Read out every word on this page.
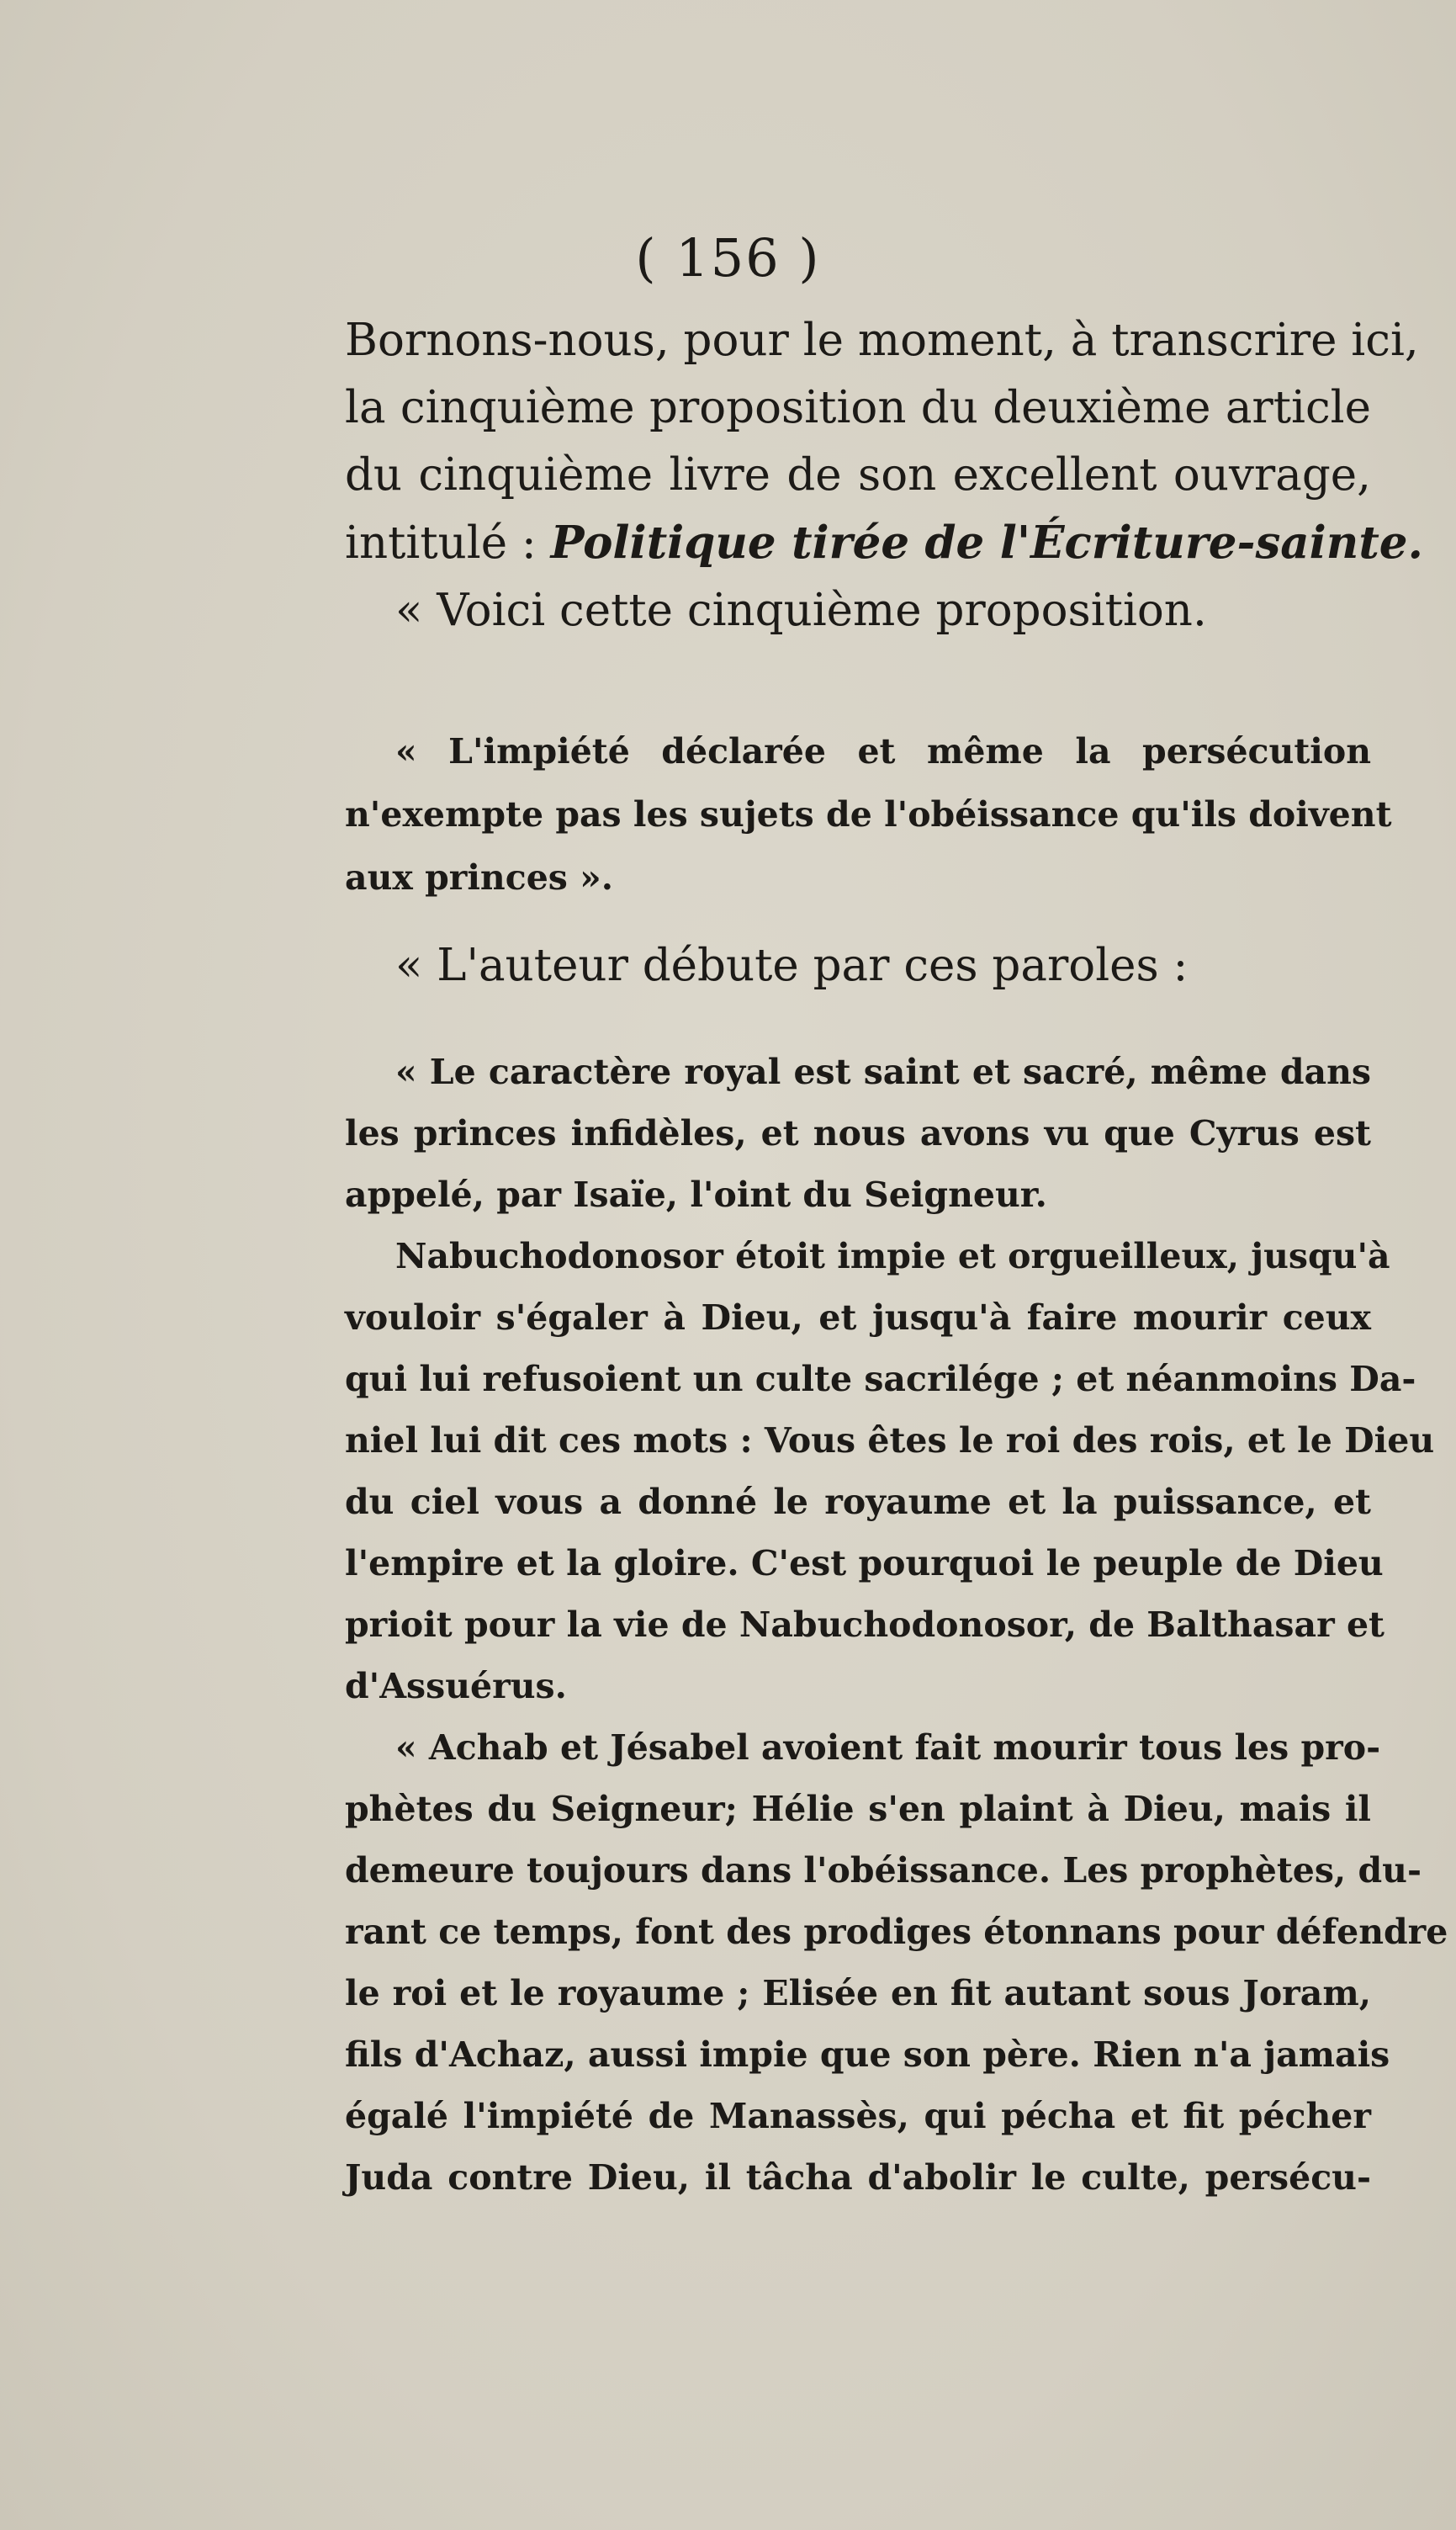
( 156 )
Bornons-nous, pour le moment, à transcrire ici,
la cinquième proposition du deuxième article
du cinquième livre de son excellent ouvrage,
intitulé : Politique tirée de l'Écriture-sainte.
« Voici cette cinquième proposition.
« L'impiété déclarée et même la persécution
n'exempte pas les sujets de l'obéissance qu'ils doivent
aux princes ».
« L'auteur débute par ces paroles :
« Le caractère royal est saint et sacré, même dans
les princes infidèles, et nous avons vu que Cyrus est
appelé, par Isaïe, l'oint du Seigneur.
Nabuchodonosor étoit impie et orgueilleux, jusqu'à
vouloir s'égaler à Dieu, et jusqu'à faire mourir ceux
qui lui refusoient un culte sacrilége ; et néanmoins Da-
niel lui dit ces mots : Vous êtes le roi des rois, et le Dieu
du ciel vous a donné le royaume et la puissance, et
l'empire et la gloire. C'est pourquoi le peuple de Dieu
prioit pour la vie de Nabuchodonosor, de Balthasar et
d'Assuérus.
« Achab et Jésabel avoient fait mourir tous les pro-
phètes du Seigneur; Hélie s'en plaint à Dieu, mais il
demeure toujours dans l'obéissance. Les prophètes, du-
rant ce temps, font des prodiges étonnans pour défendre
le roi et le royaume ; Elisée en fit autant sous Joram,
fils d'Achaz, aussi impie que son père. Rien n'a jamais
égalé l'impiété de Manassès, qui pécha et fit pécher
Juda contre Dieu, il tâcha d'abolir le culte, persécu-
